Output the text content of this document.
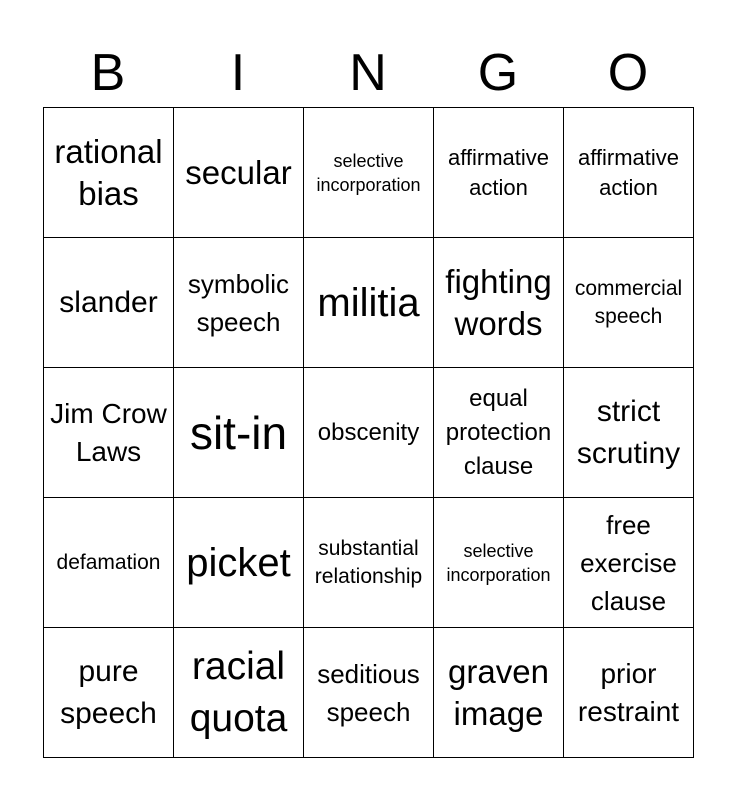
B	I	N	G	O
rational bias	secular	selective incorporation	affirmative action	affirmative action

slander	symbolic speech	militia	fighting words	commercial speech

Jim Crow Laws	sit-in	obscenity	equal protection clause	strict scrutiny

defamation	picket	substantial relationship	selective incorporation	free exercise clause

pure speech	racial quota	seditious speech	graven image	prior restraint
